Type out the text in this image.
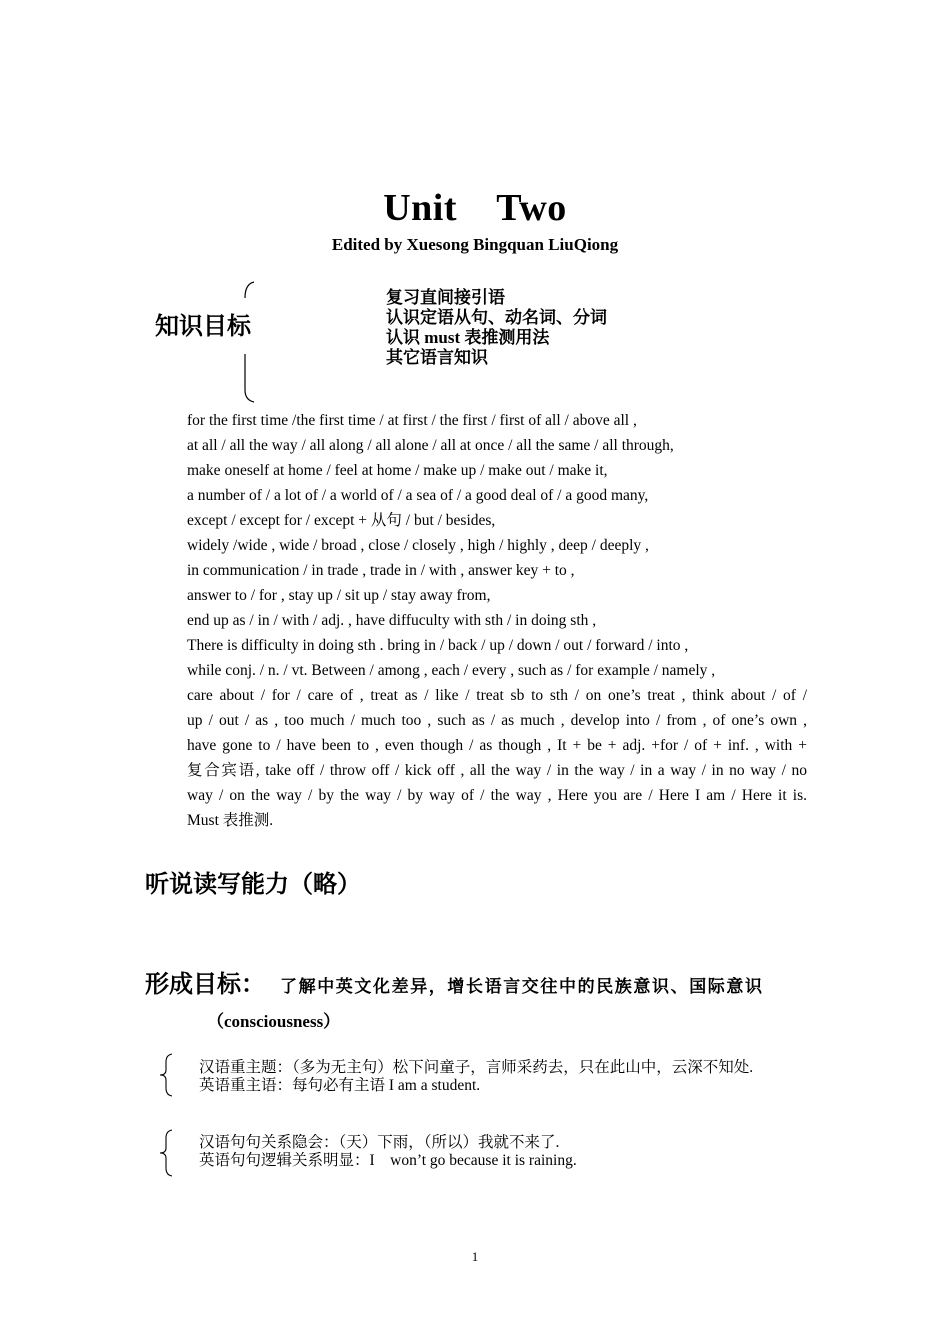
Unit  Two
Edited by Xuesong Bingquan LiuQiong
知识目标
复习直间接引语
认识定语从句、动名词、分词
认识 must 表推测用法
其它语言知识
for the first time /the first time / at first / the first / first of all / above all ,
at all / all the way / all along / all alone / all at once / all the same / all through,
make oneself at home / feel at home / make up / make out / make it,
a number of / a lot of / a world of / a sea of / a good deal of / a good many,
except / except for / except + 从句 / but / besides,
widely /wide , wide / broad , close / closely , high / highly , deep / deeply ,
in communication / in trade , trade in / with , answer key + to ,
answer to / for , stay up / sit up / stay away from,
end up as / in / with / adj. , have diffuculty with sth / in doing sth ,
There is difficulty in doing sth . bring in / back / up / down / out / forward / into ,
while conj. / n. / vt. Between / among , each / every , such as / for example / namely ,
care about / for / care of , treat as / like / treat sb to sth / on one’s treat , think about / of /
up / out / as , too much / much too , such as / as much , develop into / from , of one’s own ,
have gone to / have been to , even though / as though , It + be + adj. +for / of + inf. , with +
复合宾语, take off / throw off / kick off , all the way / in the way / in a way / in no way / no
way / on the way / by the way / by way of / the way , Here you are / Here I am / Here it is.
Must 表推测.
听说读写能力（略）
形成目标： 了解中英文化差异，增长语言交往中的民族意识、国际意识
（consciousness）
汉语重主题：（多为无主句）松下问童子，言师采药去，只在此山中，云深不知处.
英语重主语：每句必有主语 I am a student.
汉语句句关系隐会：（天）下雨，（所以）我就不来了.
英语句句逻辑关系明显：I    won’t go because it is raining.
1
